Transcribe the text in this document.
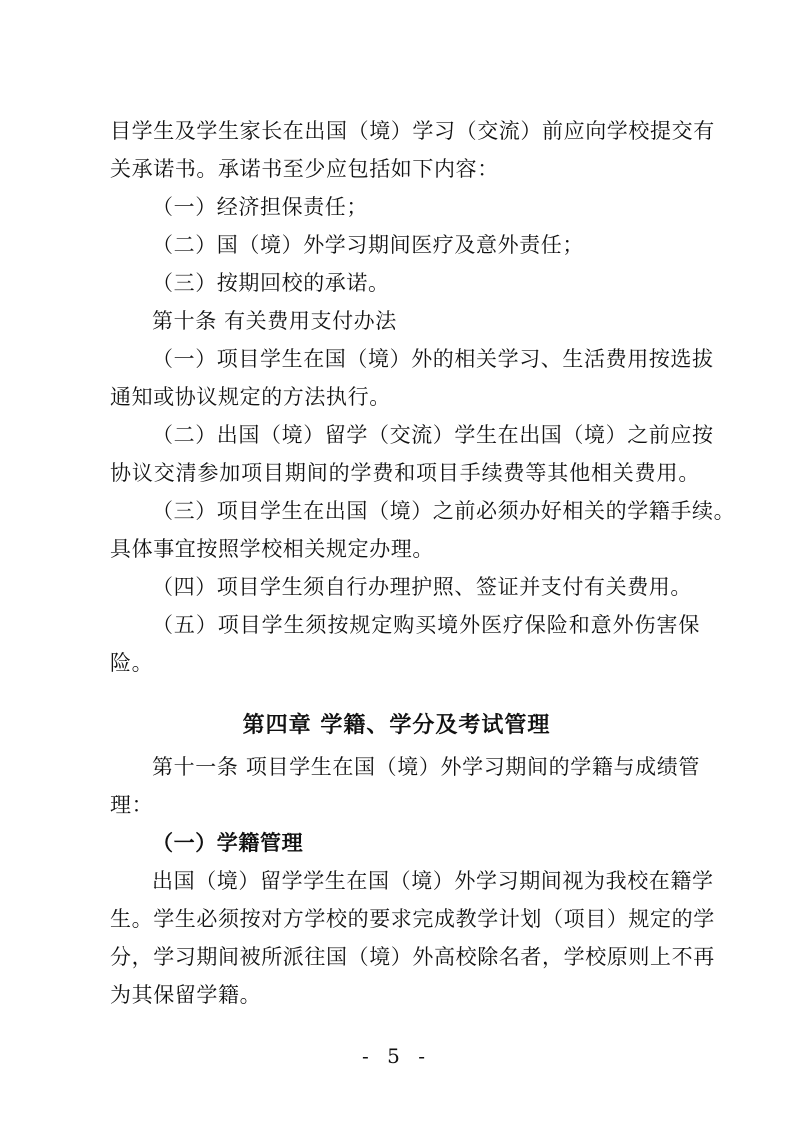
目学生及学生家长在出国（境）学习（交流）前应向学校提交有
关承诺书。承诺书至少应包括如下内容：
（一）经济担保责任；
（二）国（境）外学习期间医疗及意外责任；
（三）按期回校的承诺。
第十条 有关费用支付办法
（一）项目学生在国（境）外的相关学习、生活费用按选拔
通知或协议规定的方法执行。
（二）出国（境）留学（交流）学生在出国（境）之前应按
协议交清参加项目期间的学费和项目手续费等其他相关费用。
（三）项目学生在出国（境）之前必须办好相关的学籍手续。
具体事宜按照学校相关规定办理。
（四）项目学生须自行办理护照、签证并支付有关费用。
（五）项目学生须按规定购买境外医疗保险和意外伤害保
险。
第四章 学籍、学分及考试管理
第十一条 项目学生在国（境）外学习期间的学籍与成绩管
理：
（一）学籍管理
出国（境）留学学生在国（境）外学习期间视为我校在籍学
生。学生必须按对方学校的要求完成教学计划（项目）规定的学
分，学习期间被所派往国（境）外高校除名者，学校原则上不再
为其保留学籍。
- 5 -
